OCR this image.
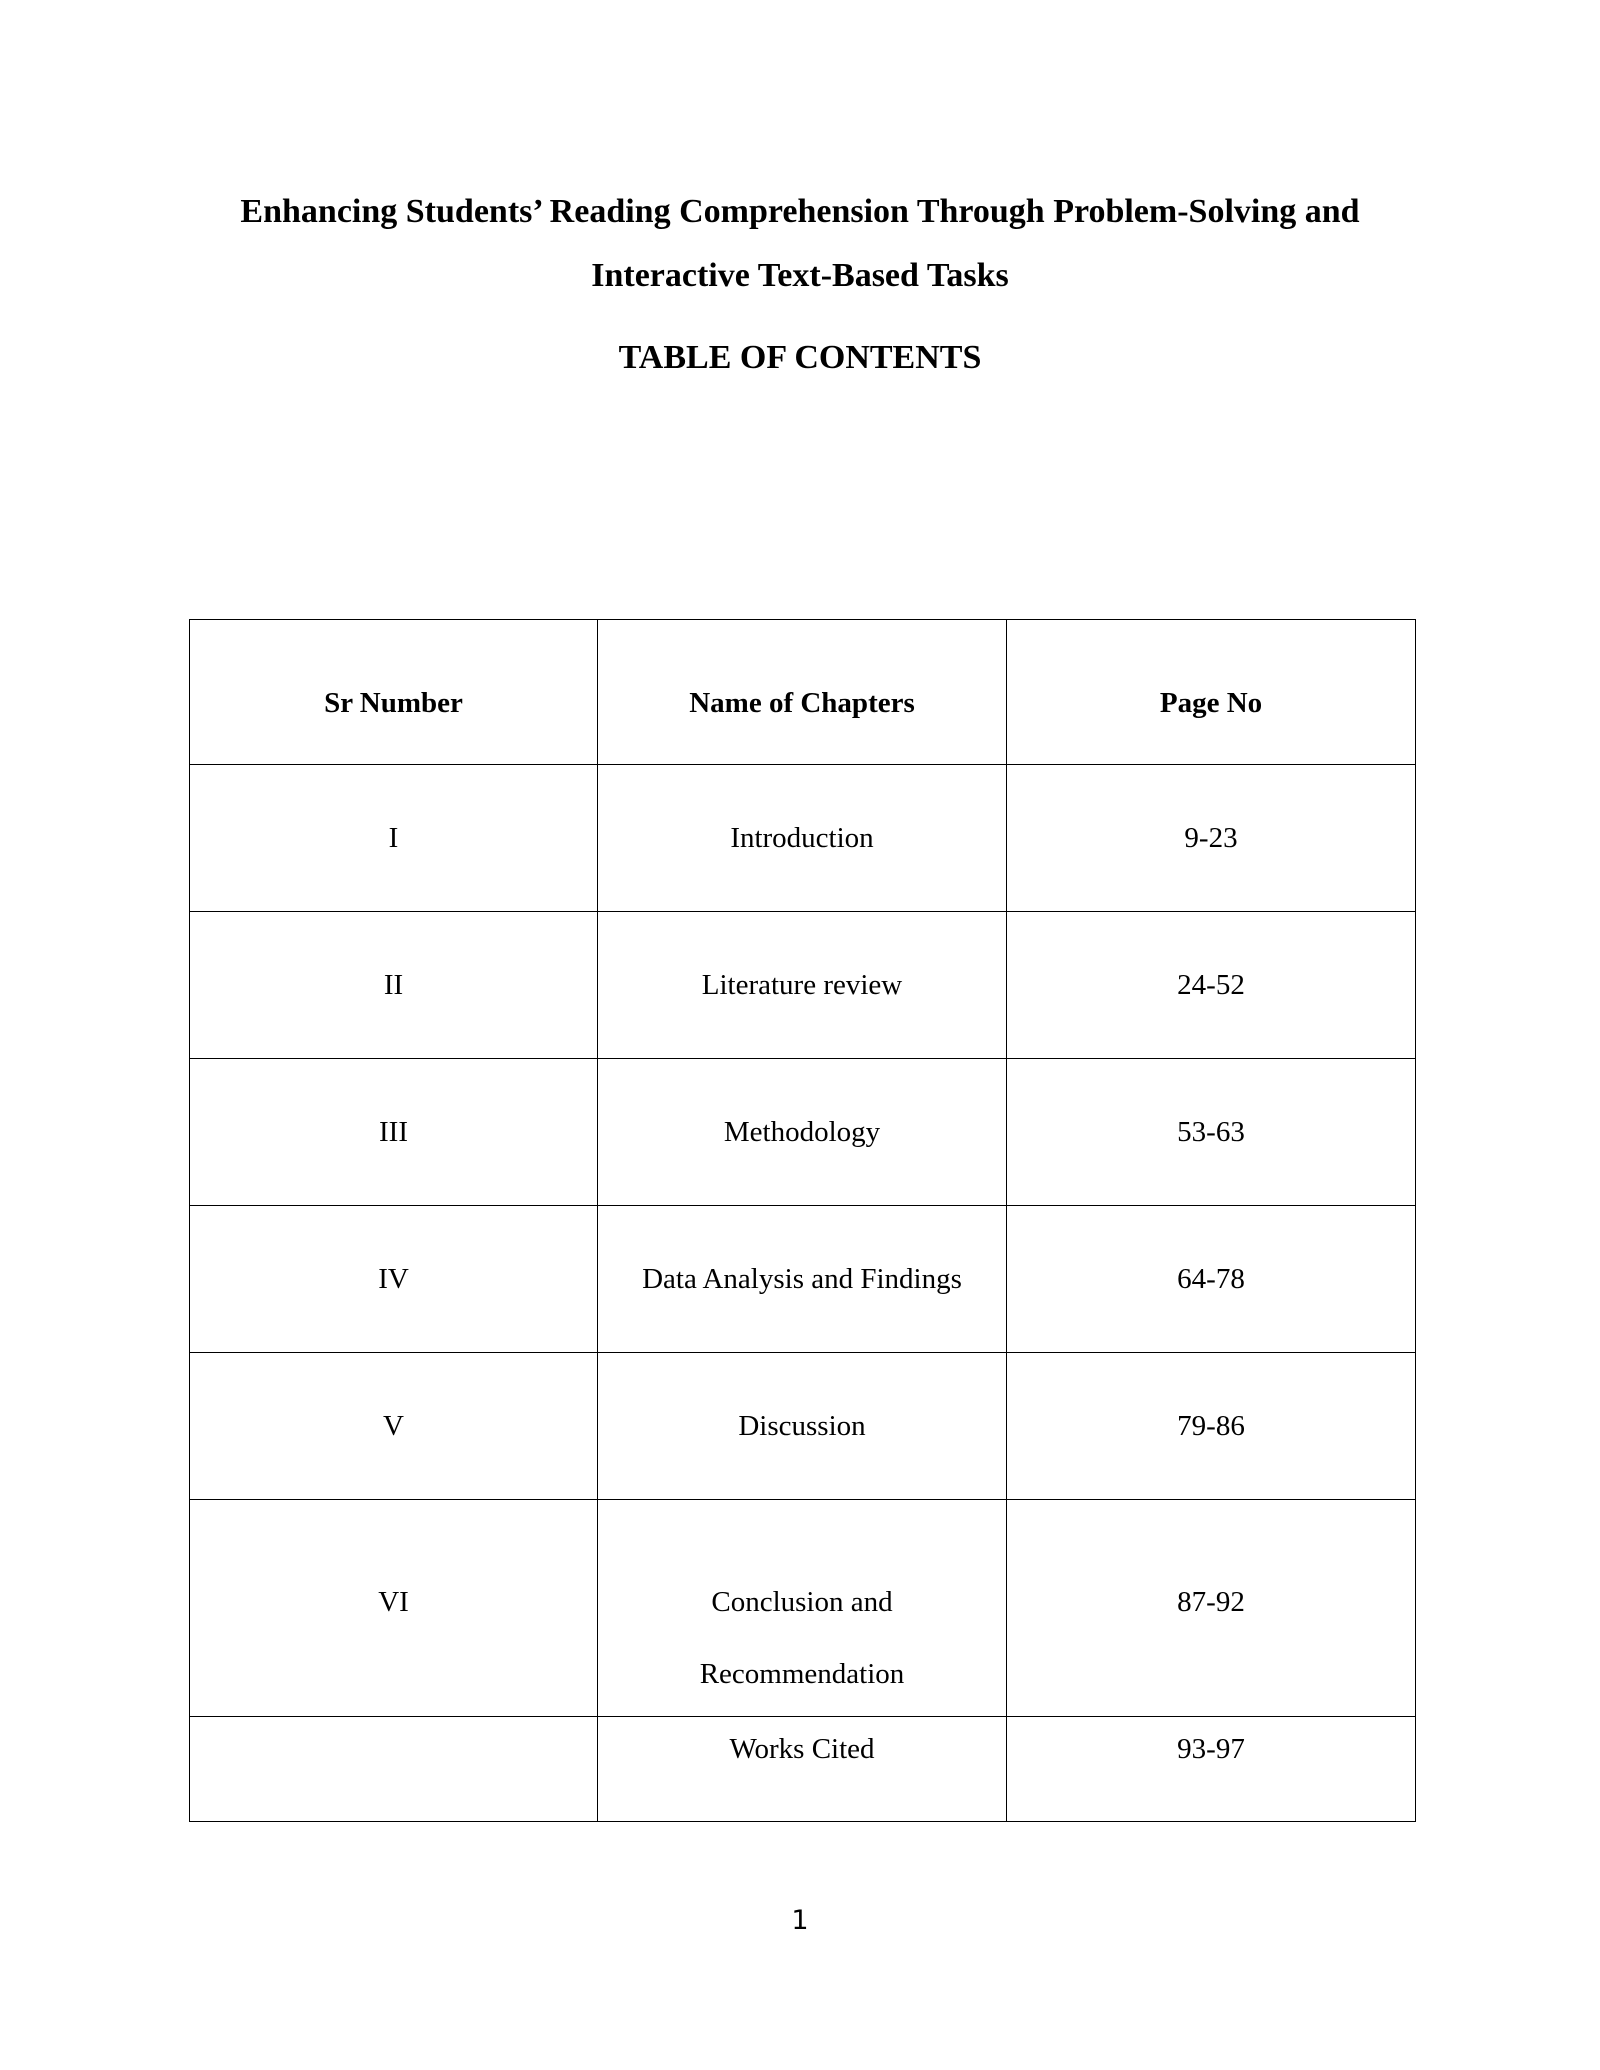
Enhancing Students’ Reading Comprehension Through Problem-Solving and
Interactive Text-Based Tasks
TABLE OF CONTENTS
Sr Number	Name of Chapters	Page No
I	Introduction	9-23
II	Literature review	24-52
III	Methodology	53-63
IV	Data Analysis and Findings	64-78
V	Discussion	79-86
VI	Conclusion and
Recommendation	87-92
	Works Cited	93-97
1
